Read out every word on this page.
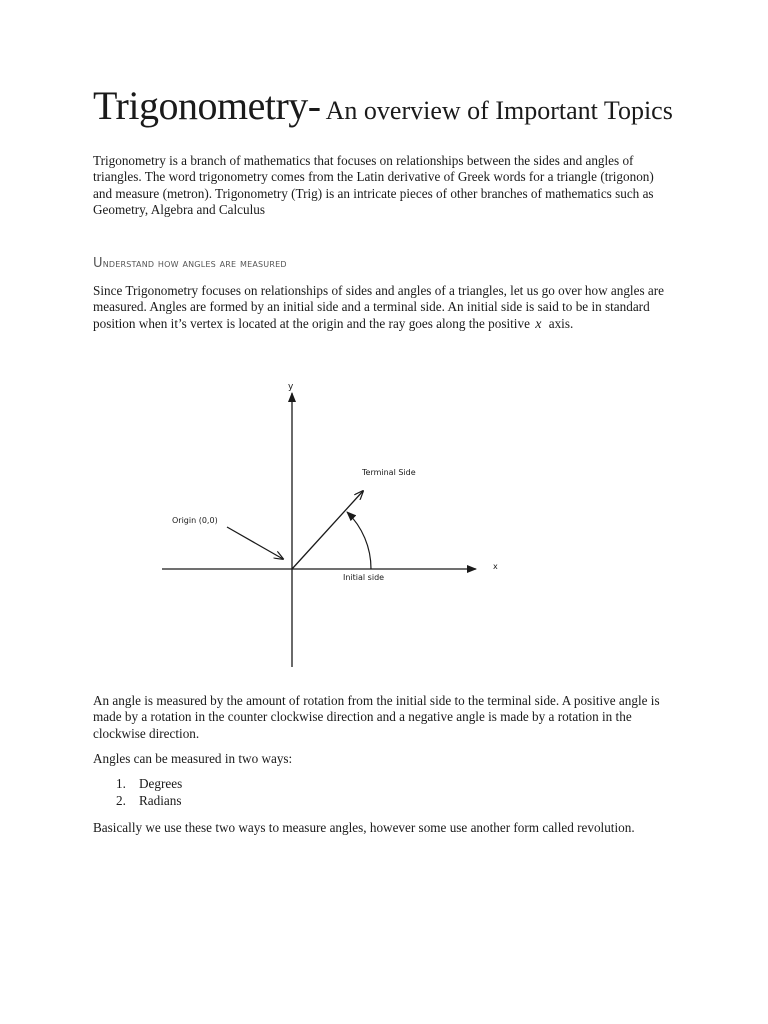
Trigonometry- An overview of Important Topics

Trigonometry is a branch of mathematics that focuses on relationships between the sides and angles of triangles. The word trigonometry comes from the Latin derivative of Greek words for a triangle (trigonon) and measure (metron). Trigonometry (Trig) is an intricate pieces of other branches of mathematics such as Geometry, Algebra and Calculus

Understand how angles are measured

Since Trigonometry focuses on relationships of sides and angles of a triangles, let us go over how angles are measured. Angles are formed by an initial side and a terminal side. An initial side is said to be in standard position when it’s vertex is located at the origin and the ray goes along the positive x axis.

An angle is measured by the amount of rotation from the initial side to the terminal side. A positive angle is made by a rotation in the counter clockwise direction and a negative angle is made by a rotation in the clockwise direction.

Angles can be measured in two ways:

1. Degrees
2. Radians

Basically we use these two ways to measure angles, however some use another form called revolution.

y
x
Terminal Side
Origin (0,0)
Initial side
